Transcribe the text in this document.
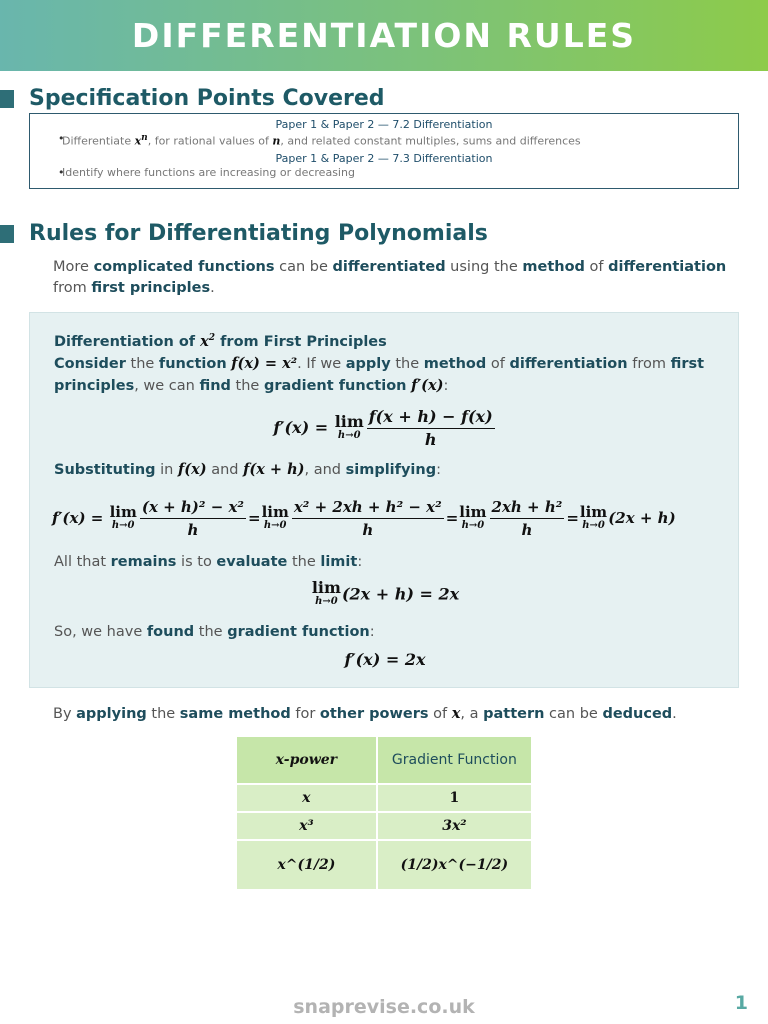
DIFFERENTIATION RULES
Specification Points Covered
Paper 1 & Paper 2 — 7.2 Differentiation
• Differentiate $x^n$, for rational values of n, and related constant multiples, sums and differences
Paper 1 & Paper 2 — 7.3 Differentiation
• Identify where functions are increasing or decreasing
Rules for Differentiating Polynomials
More complicated functions can be differentiated using the method of differentiation from first principles.
Differentiation of $x^2$ from First Principles
Consider the function f(x) = x². If we apply the method of differentiation from first principles, we can find the gradient function f′(x):
f′(x) = lim
$h\to 0 \frac{f(x + h) - f(x)}{h}$
Substituting in f(x) and f(x + h), and simplifying:
f′(x) = lim
$h\to 0 \frac{\text{(x + h)² − x²}}{h} = \lim$
$h\to 0 \frac{\text{x² + 2xh + h² − x²}}{h} = \lim$
$h\to 0 \frac{\text{2xh + h²}}{h} = \lim$
h→0 (2x + h)
All that remains is to evaluate the limit:
lim
h→0 (2x + h) = 2x
So, we have found the gradient function:
f′(x) = 2x
By applying the same method for other powers of x, a pattern can be deduced.
x-power	Gradient Function
x	1
x³	3x²
x^(1/2)	(1/2)x^(−1/2)
snaprevise.co.uk	1
